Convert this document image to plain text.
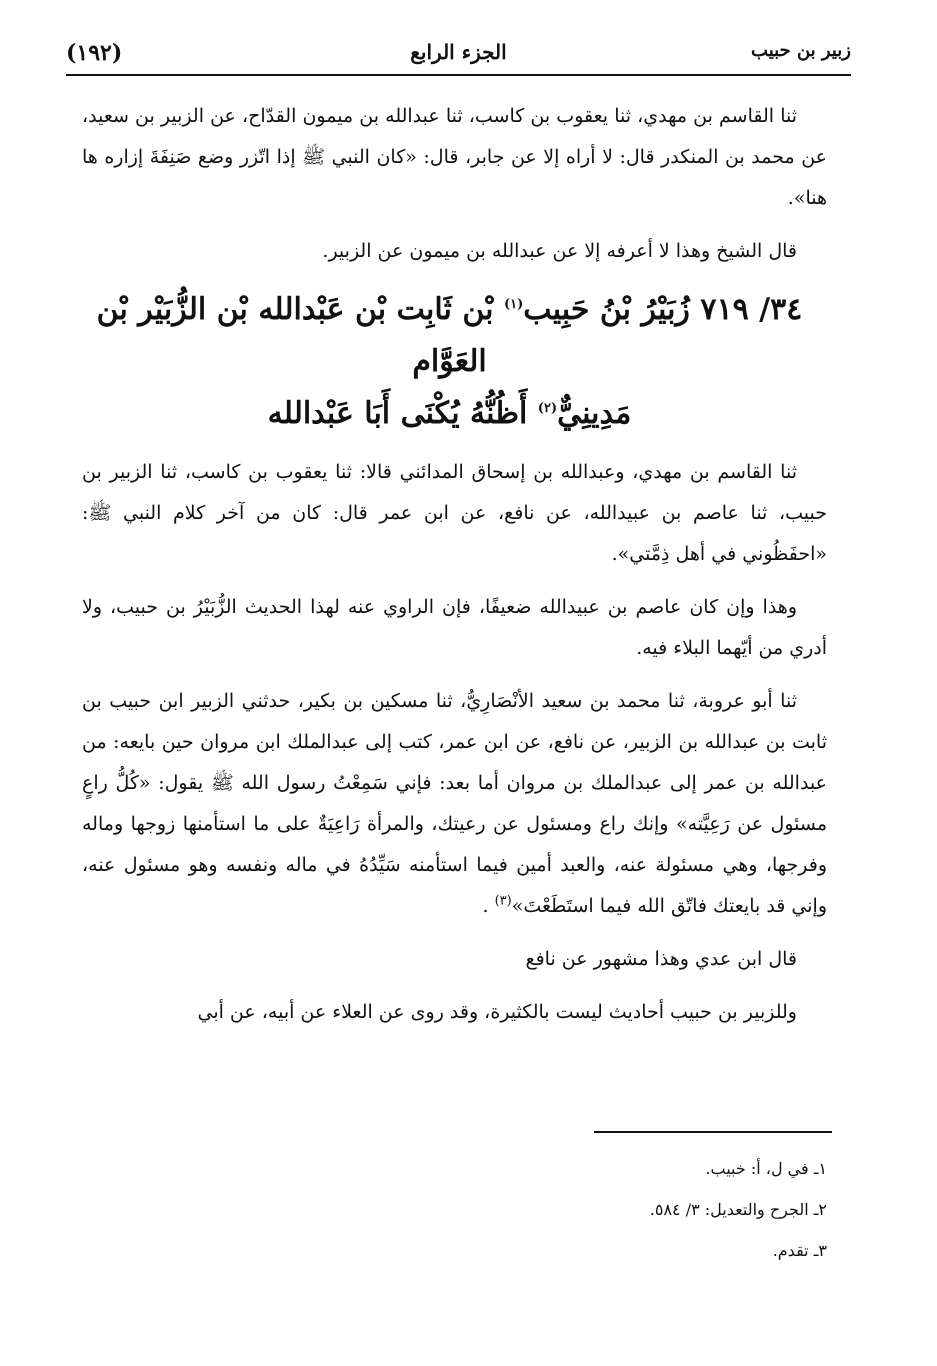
زبير بن حبيب
الجزء الرابع
(١٩٢)

ثنا القاسم بن مهدي، ثنا يعقوب بن كاسب، ثنا عبدالله بن ميمون القدّاح، عن الزبير بن سعيد، عن محمد بن المنكدر قال: لا أراه إلا عن جابر، قال: «كان النبي ﷺ إذا اتّزر وضع صَنِفَةَ إزاره ها هنا».

قال الشيخ وهذا لا أعرفه إلا عن عبدالله بن ميمون عن الزبير.

٣٤/ ٧١٩ زُبَيْرُ بْنُ حَبِيب$^{(١)}$ بْن ثَابِت بْن عَبْدالله بْن الزُّبَيْر بْن العَوَّام
مَدِينِيٌّ$^{(٢)}$ أَظُنُّهُ يُكْنَى أَبَا عَبْدالله

ثنا القاسم بن مهدي، وعبدالله بن إسحاق المدائني قالا: ثنا يعقوب بن كاسب، ثنا الزبير بن حبيب، ثنا عاصم بن عبيدالله، عن نافع، عن ابن عمر قال: كان من آخر كلام النبي ﷺ: «احفَظُوني في أهل ذِمَّتي».

وهذا وإن كان عاصم بن عبيدالله ضعيفًا، فإن الراوي عنه لهذا الحديث الزُّبَيْرُ بن حبيب، ولا أدري من أيّهما البلاء فيه.

ثنا أبو عروبة، ثنا محمد بن سعيد الأنْصَارِيُّ، ثنا مسكين بن بكير، حدثني الزبير ابن حبيب بن ثابت بن عبدالله بن الزبير، عن نافع، عن ابن عمر، كتب إلى عبدالملك ابن مروان حين بايعه: من عبدالله بن عمر إلى عبدالملك بن مروان أما بعد: فإني سَمِعْتُ رسول الله ﷺ يقول: «كُلُّ راعٍ مسئول عن رَعِيَّته» وإنك راع ومسئول عن رعيتك، والمرأة رَاعِيَةٌ على ما استأمنها زوجها وماله وفرجها، وهي مسئولة عنه، والعبد أمين فيما استأمنه سَيِّدُهُ في ماله ونفسه وهو مسئول عنه، وإني قد بايعتك فاتّق الله فيما استَطَعْتَ»$^{(٣)}$ .

قال ابن عدي وهذا مشهور عن نافع

وللزبير بن حبيب أحاديث ليست بالكثيرة، وقد روى عن العلاء عن أبيه، عن أبي

١ـ في ل، أ: خبيب.
٢ـ الجرح والتعديل: ٣/ ٥٨٤.
٣ـ تقدم.
